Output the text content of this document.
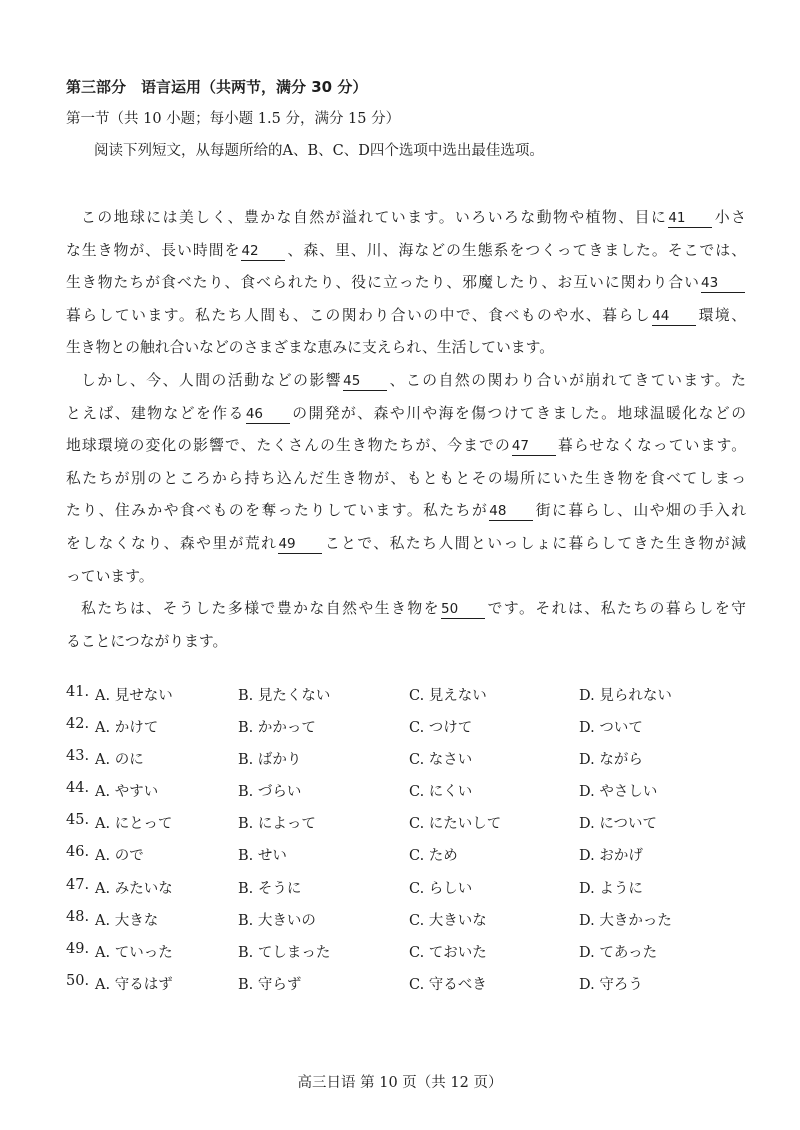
第三部分　语言运用（共两节，满分 30 分）
第一节（共 10 小题；每小题 1.5 分，满分 15 分）
阅读下列短文，从每题所给的A、B、C、D四个选项中选出最佳选项。
この地球には美しく、豊かな自然が溢れています。いろいろな動物や植物、目に41 小さ
な生き物が、長い時間を42 、森、里、川、海などの生態系をつくってきました。そこでは、
生き物たちが食べたり、食べられたり、役に立ったり、邪魔したり、お互いに関わり合い43
暮らしています。私たち人間も、この関わり合いの中で、食べものや水、暮らし44 環境、
生き物との触れ合いなどのさまざまな恵みに支えられ、生活しています。
しかし、今、人間の活動などの影響45 、この自然の関わり合いが崩れてきています。た
とえば、建物などを作る46 の開発が、森や川や海を傷つけてきました。地球温暖化などの
地球環境の変化の影響で、たくさんの生き物たちが、今までの47 暮らせなくなっています。
私たちが別のところから持ち込んだ生き物が、もともとその場所にいた生き物を食べてしまっ
たり、住みかや食べものを奪ったりしています。私たちが48 街に暮らし、山や畑の手入れ
をしなくなり、森や里が荒れ49 ことで、私たち人間といっしょに暮らしてきた生き物が減
っています。
私たちは、そうした多様で豊かな自然や生き物を50 です。それは、私たちの暮らしを守
ることにつながります。
41. A. 見せない	B. 見たくない	C. 見えない	D. 見られない
42. A. かけて	B. かかって	C. つけて	D. ついて
43. A. のに	B. ばかり	C. なさい	D. ながら
44. A. やすい	B. づらい	C. にくい	D. やさしい
45. A. にとって	B. によって	C. にたいして	D. について
46. A. ので	B. せい	C. ため	D. おかげ
47. A. みたいな	B. そうに	C. らしい	D. ように
48. A. 大きな	B. 大きいの	C. 大きいな	D. 大きかった
49. A. ていった	B. てしまった	C. ておいた	D. てあった
50. A. 守るはず	B. 守らず	C. 守るべき	D. 守ろう
高三日语 第 10 页（共 12 页）
